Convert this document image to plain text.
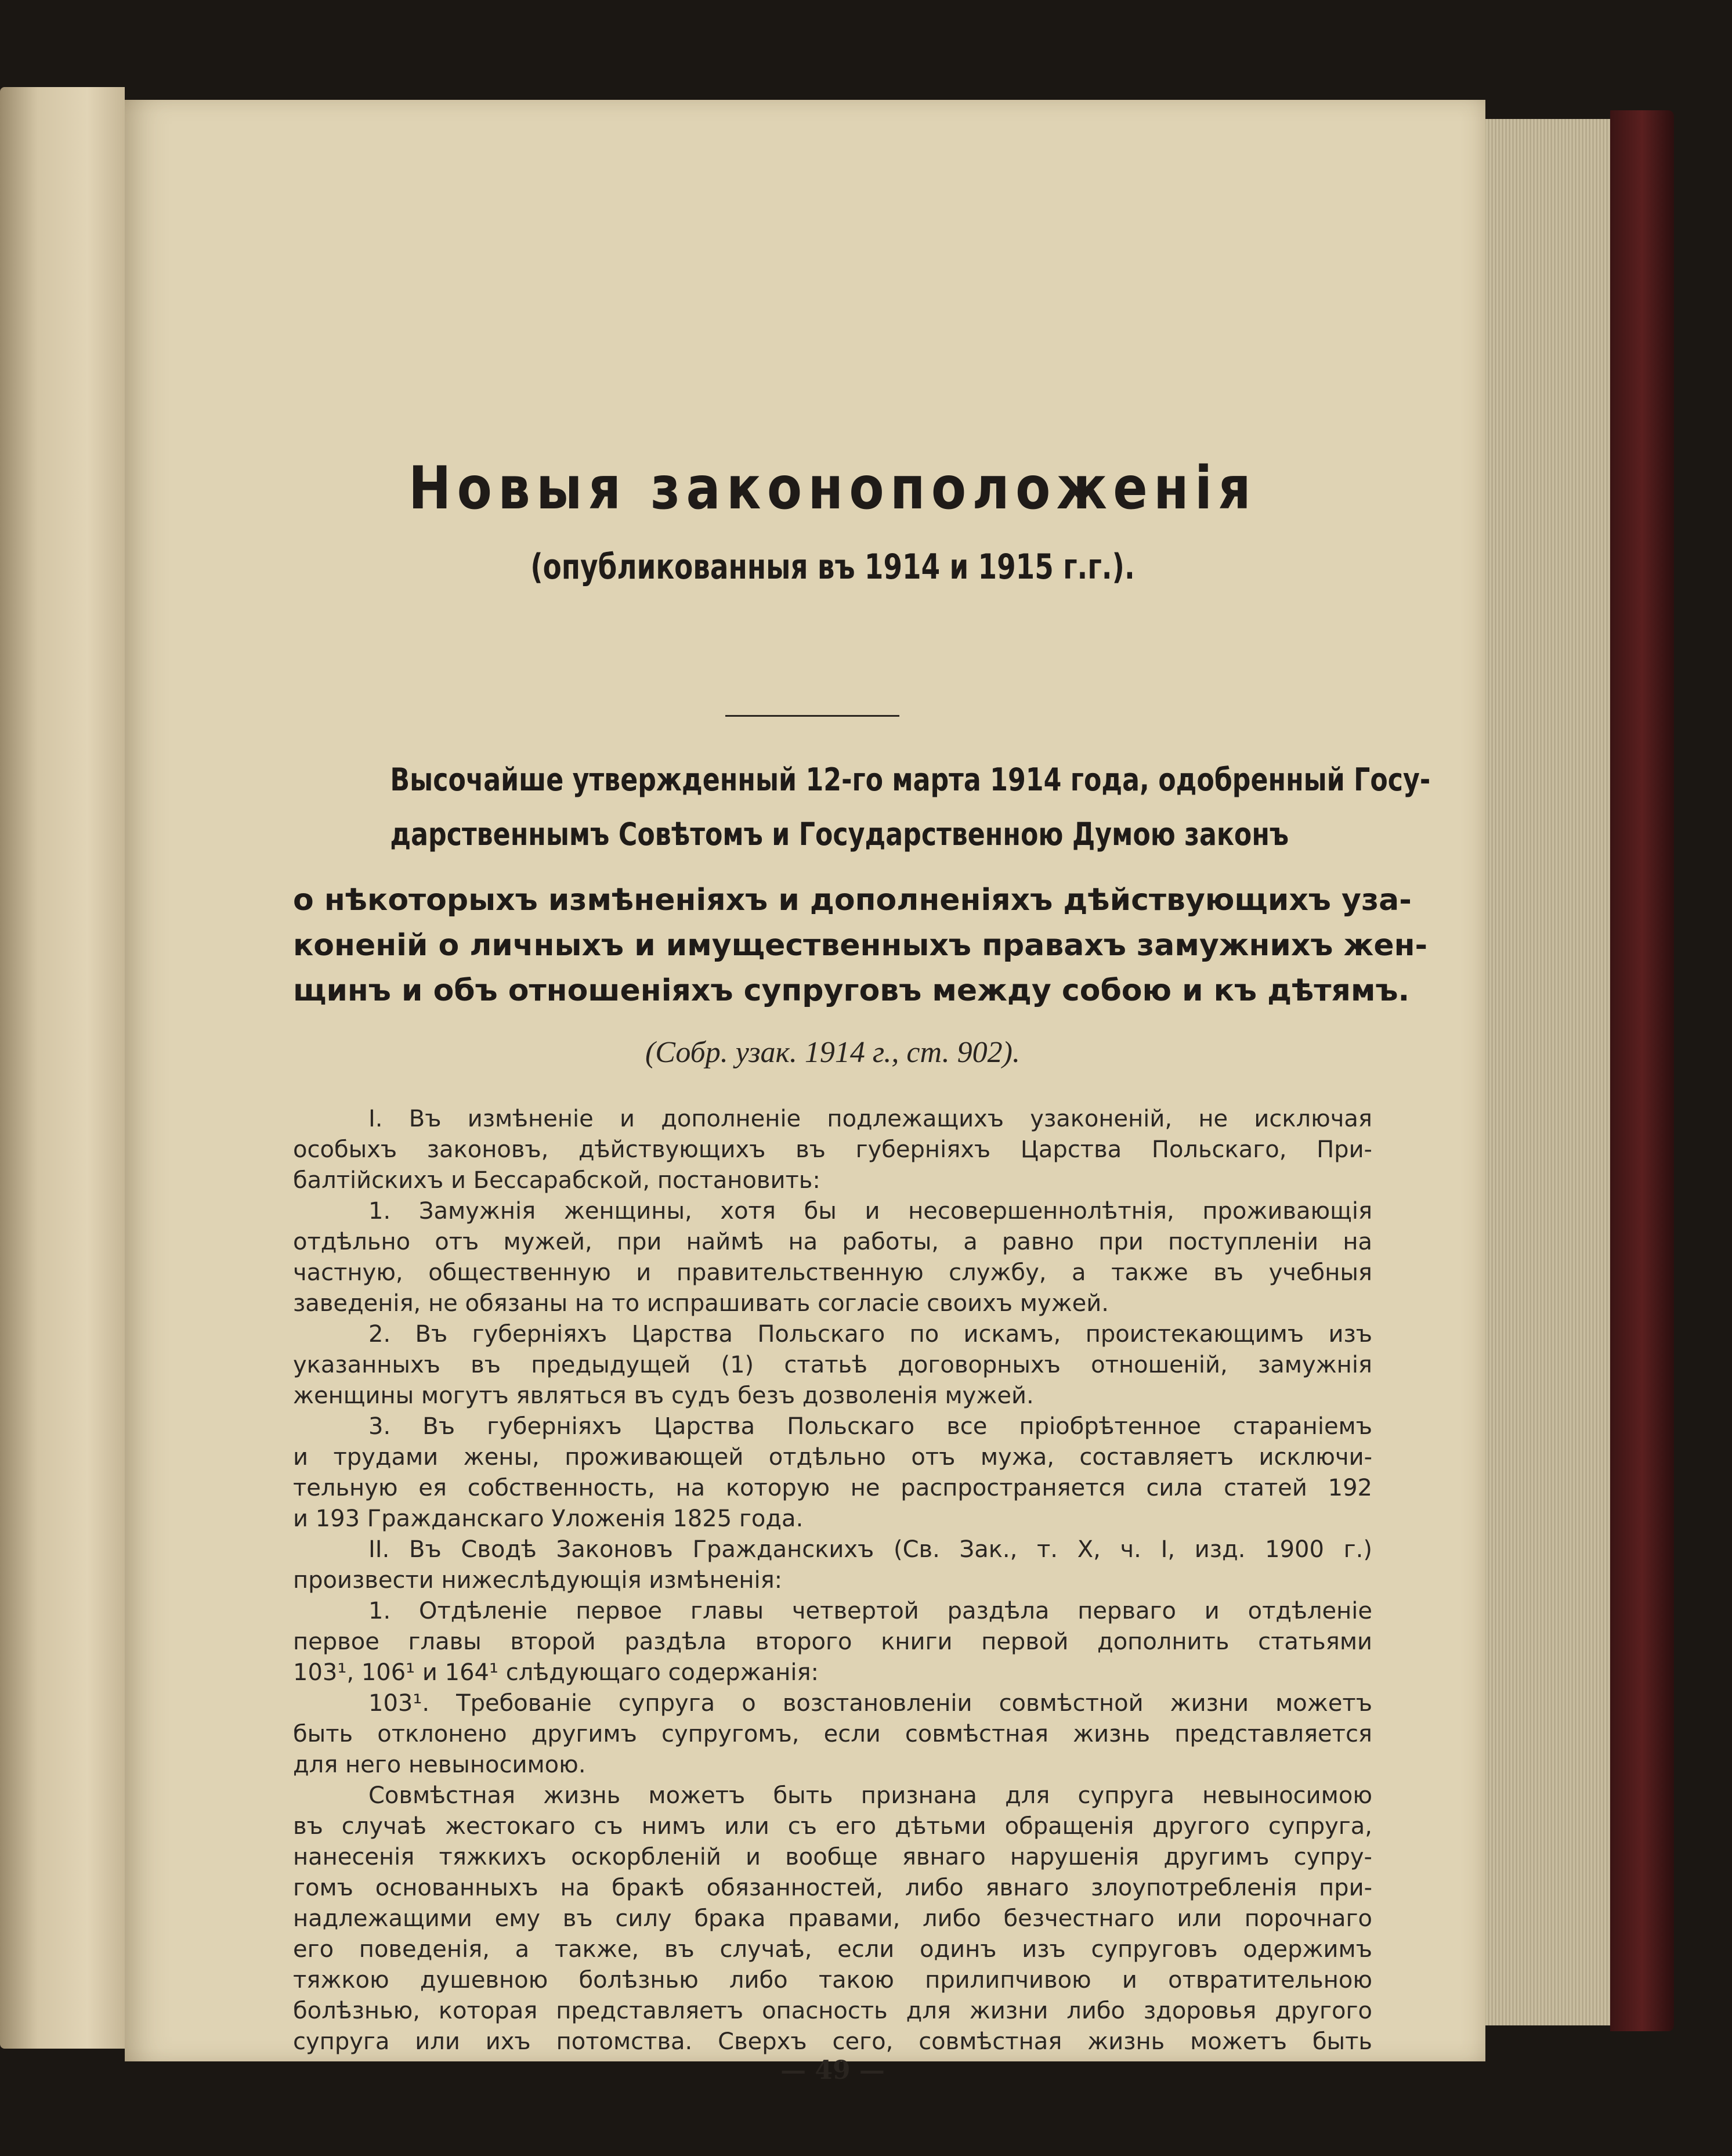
Новыя законоположенія
(опубликованныя въ 1914 и 1915 г.г.).
Высочайше утвержденный 12-го марта 1914 года, одобренный Госу-
дарственнымъ Совѣтомъ и Государственною Думою законъ
о нѣкоторыхъ измѣненіяхъ и дополненіяхъ дѣйствующихъ уза-
коненій о личныхъ и имущественныхъ правахъ замужнихъ жен-
щинъ и объ отношеніяхъ супруговъ между собою и къ дѣтямъ.
(Собр. узак. 1914 г., ст. 902).
I. Въ измѣненіе и дополненіе подлежащихъ узаконеній, не исключая
особыхъ законовъ, дѣйствующихъ въ губерніяхъ Царства Польскаго, При-
балтійскихъ и Бессарабской, постановить:
1. Замужнія женщины, хотя бы и несовершеннолѣтнія, проживающія
отдѣльно отъ мужей, при наймѣ на работы, а равно при поступленіи на
частную, общественную и правительственную службу, а также въ учебныя
заведенія, не обязаны на то испрашивать согласіе своихъ мужей.
2. Въ губерніяхъ Царства Польскаго по искамъ, проистекающимъ изъ
указанныхъ въ предыдущей (1) статьѣ договорныхъ отношеній, замужнія
женщины могутъ являться въ судъ безъ дозволенія мужей.
3. Въ губерніяхъ Царства Польскаго все пріобрѣтенное стараніемъ
и трудами жены, проживающей отдѣльно отъ мужа, составляетъ исключи-
тельную ея собственность, на которую не распространяется сила статей 192
и 193 Гражданскаго Уложенія 1825 года.
II. Въ Сводѣ Законовъ Гражданскихъ (Св. Зак., т. X, ч. I, изд. 1900 г.)
произвести нижеслѣдующія измѣненія:
1. Отдѣленіе первое главы четвертой раздѣла перваго и отдѣленіе
первое главы второй раздѣла второго книги первой дополнить статьями
103¹, 106¹ и 164¹ слѣдующаго содержанія:
103¹. Требованіе супруга о возстановленіи совмѣстной жизни можетъ
быть отклонено другимъ супругомъ, если совмѣстная жизнь представляется
для него невыносимою.
Совмѣстная жизнь можетъ быть признана для супруга невыносимою
въ случаѣ жестокаго съ нимъ или съ его дѣтьми обращенія другого супруга,
нанесенія тяжкихъ оскорбленій и вообще явнаго нарушенія другимъ супру-
гомъ основанныхъ на бракѣ обязанностей, либо явнаго злоупотребленія при-
надлежащими ему въ силу брака правами, либо безчестнаго или порочнаго
его поведенія, а также, въ случаѣ, если одинъ изъ супруговъ одержимъ
тяжкою душевною болѣзнью либо такою прилипчивою и отвратительною
болѣзнью, которая представляетъ опасность для жизни либо здоровья другого
супруга или ихъ потомства. Сверхъ сего, совмѣстная жизнь можетъ быть
— 49 —
